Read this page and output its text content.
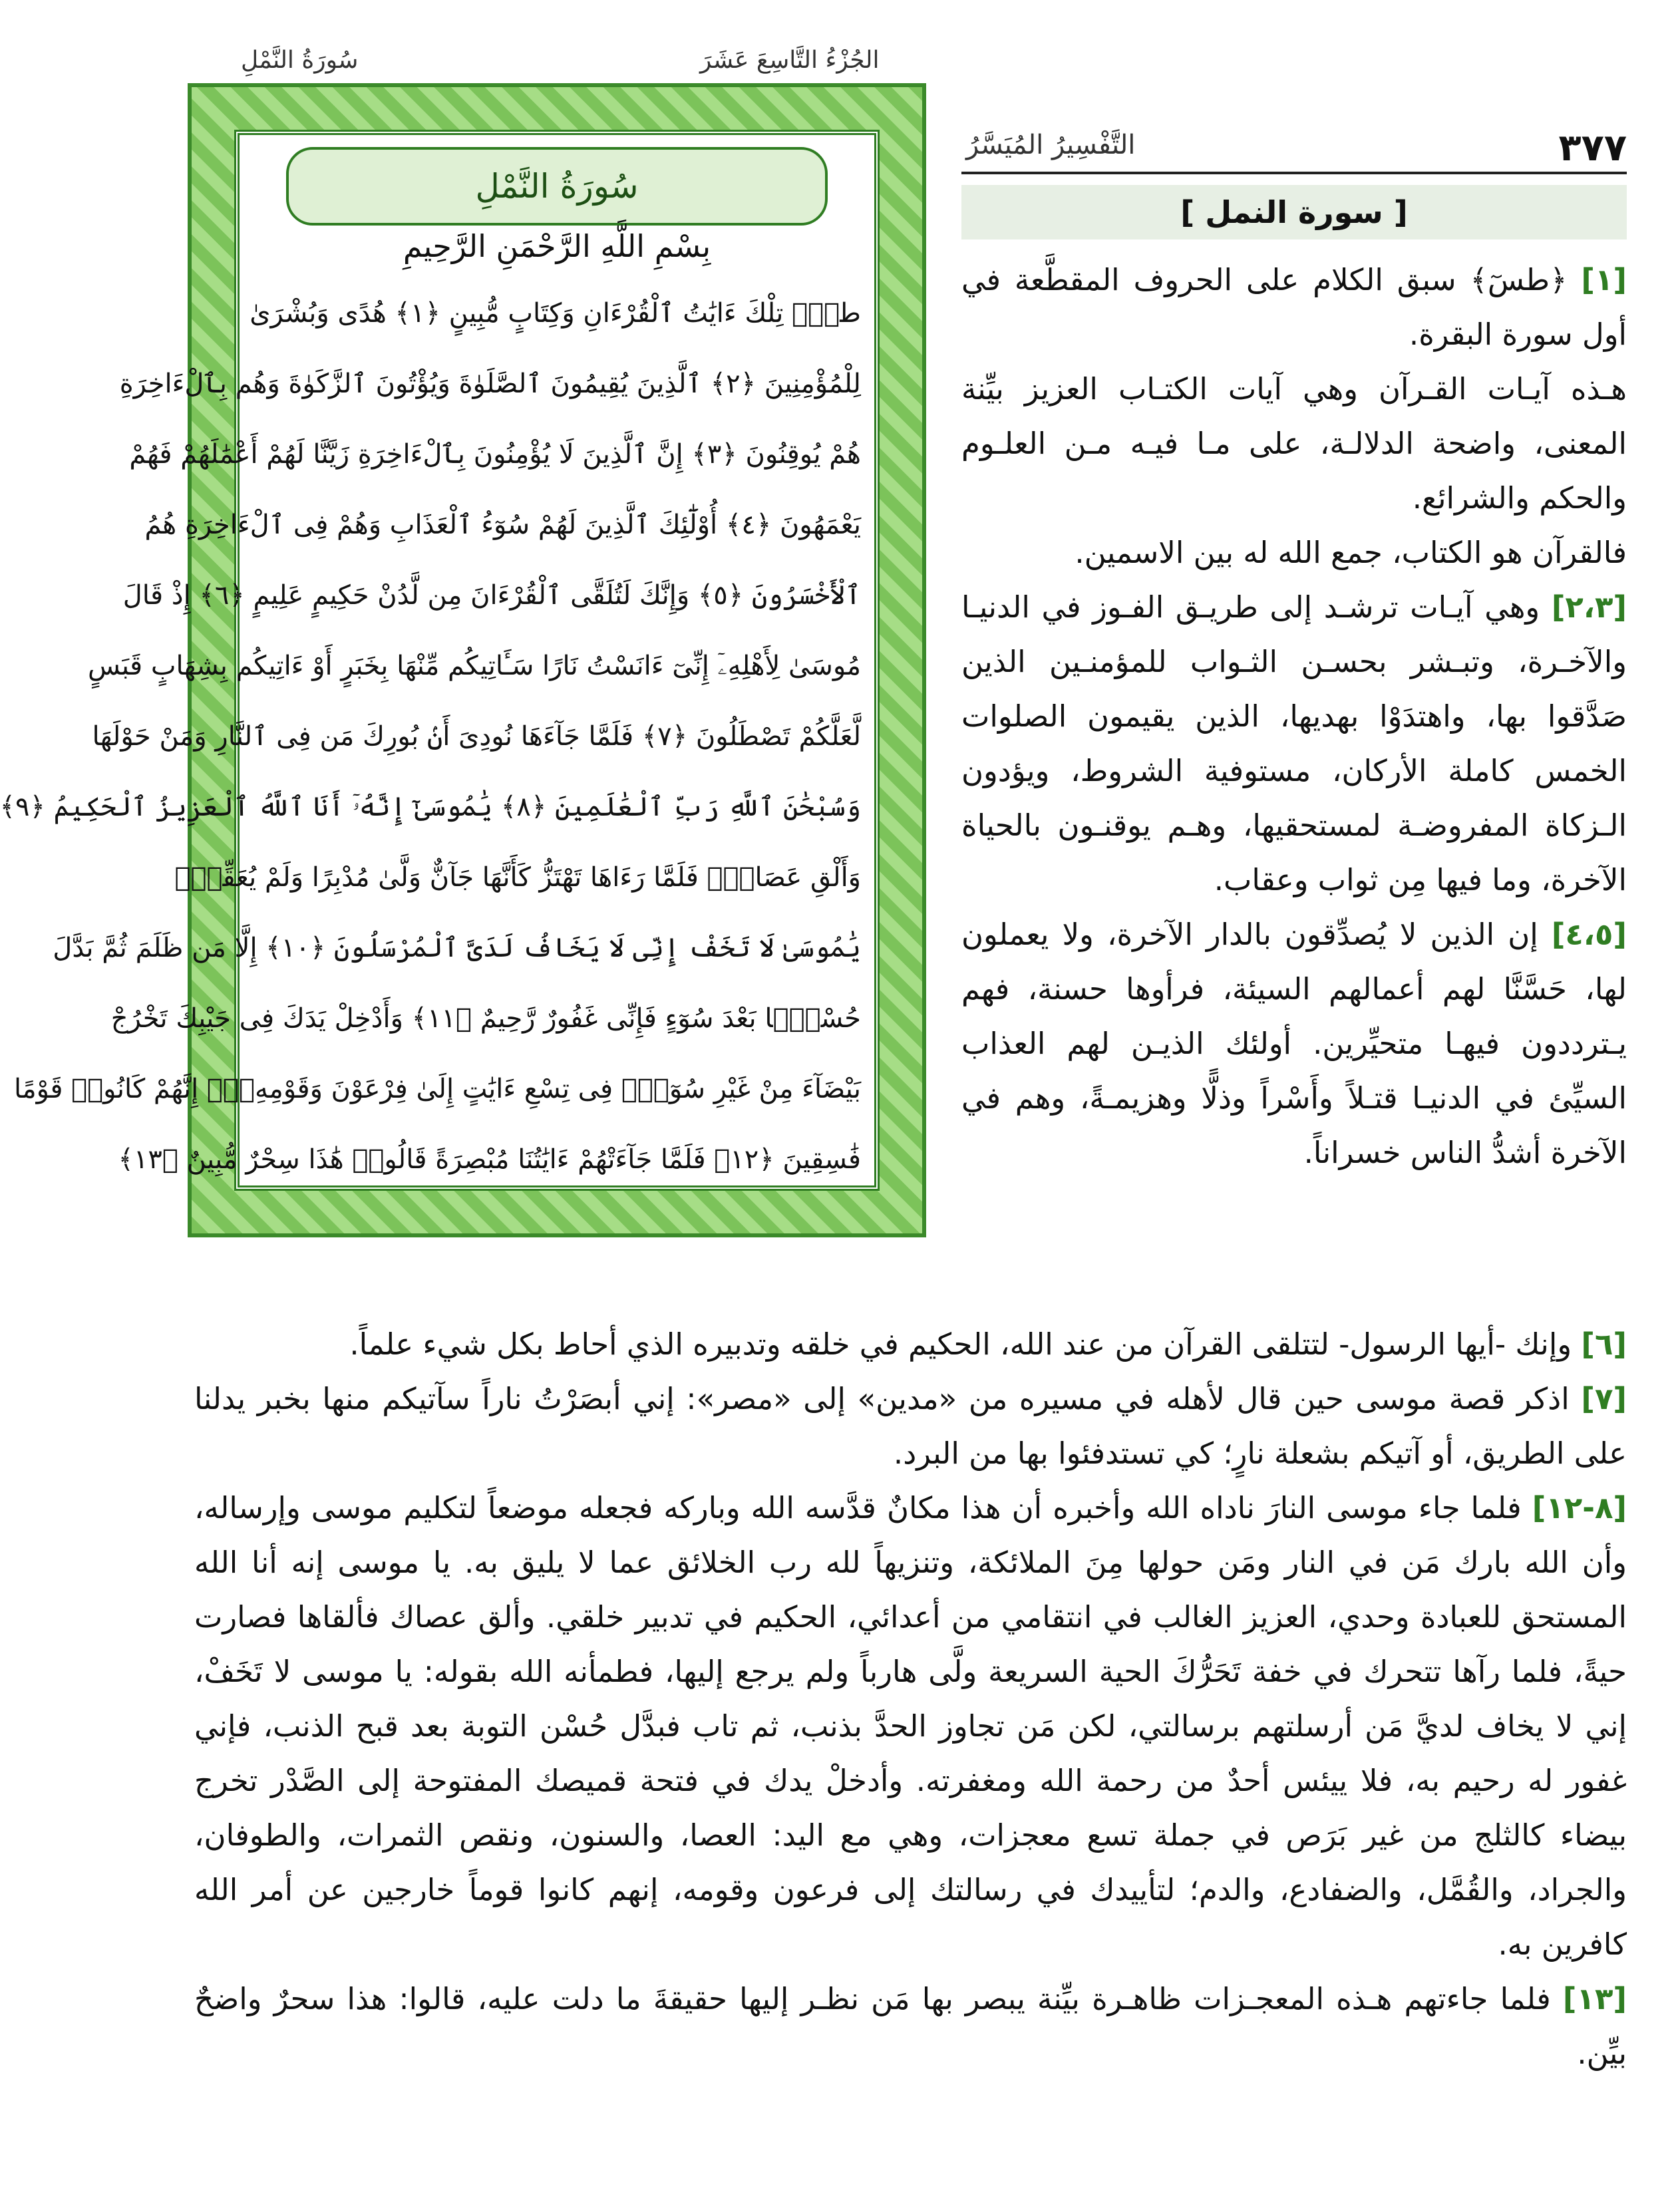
سُورَةُ النَّمْلِ	الجُزْءُ التَّاسِعَ عَشَرَ
٣٧٧
التَّفْسِيرُ المُيَسَّرُ
[ سورة النمل ]
سُورَةُ النَّمْلِ
بِسْمِ اللَّهِ الرَّحْمَنِ الرَّحِيمِ
طسٓۚ تِلْكَ ءَايَٰتُ ٱلْقُرْءَانِ وَكِتَابٍ مُّبِينٍ ﴿١﴾ هُدًى وَبُشْرَىٰ
لِلْمُؤْمِنِينَ ﴿٢﴾ ٱلَّذِينَ يُقِيمُونَ ٱلصَّلَوٰةَ وَيُؤْتُونَ ٱلزَّكَوٰةَ وَهُم بِٱلْءَاخِرَةِ
هُمْ يُوقِنُونَ ﴿٣﴾ إِنَّ ٱلَّذِينَ لَا يُؤْمِنُونَ بِٱلْءَاخِرَةِ زَيَّنَّا لَهُمْ أَعْمَٰلَهُمْ فَهُمْ
يَعْمَهُونَ ﴿٤﴾ أُوْلَٰٓئِكَ ٱلَّذِينَ لَهُمْ سُوٓءُ ٱلْعَذَابِ وَهُمْ فِى ٱلْءَاخِرَةِ هُمُ
ٱلْأَخْسَرُونَ ﴿٥﴾ وَإِنَّكَ لَتُلَقَّى ٱلْقُرْءَانَ مِن لَّدُنْ حَكِيمٍ عَلِيمٍ ﴿٦﴾ إِذْ قَالَ
مُوسَىٰ لِأَهْلِهِۦٓ إِنِّىٓ ءَانَسْتُ نَارًا سَـَٔاتِيكُم مِّنْهَا بِخَبَرٍ أَوْ ءَاتِيكُم بِشِهَابٍ قَبَسٍ
لَّعَلَّكُمْ تَصْطَلُونَ ﴿٧﴾ فَلَمَّا جَآءَهَا نُودِىَ أَنۢ بُورِكَ مَن فِى ٱلنَّارِ وَمَنْ حَوْلَهَا
وَسُبْحَٰنَ ٱللَّهِ رَبِّ ٱلْعَٰلَمِينَ ﴿٨﴾ يَٰمُوسَىٰٓ إِنَّهُۥٓ أَنَا ٱللَّهُ ٱلْعَزِيزُ ٱلْحَكِيمُ ﴿٩﴾
وَأَلْقِ عَصَاكَۚ فَلَمَّا رَءَاهَا تَهْتَزُّ كَأَنَّهَا جَآنٌّ وَلَّىٰ مُدْبِرًا وَلَمْ يُعَقِّبْۚ
يَٰمُوسَىٰ لَا تَخَفْ إِنِّى لَا يَخَافُ لَدَىَّ ٱلْمُرْسَلُونَ ﴿١٠﴾ إِلَّا مَن ظَلَمَ ثُمَّ بَدَّلَ
حُسْنًۢا بَعْدَ سُوٓءٍ فَإِنِّى غَفُورٌ رَّحِيمٌ ﴿١١﴾ وَأَدْخِلْ يَدَكَ فِى جَيْبِكَ تَخْرُجْ
بَيْضَآءَ مِنْ غَيْرِ سُوٓءٍۖ فِى تِسْعِ ءَايَٰتٍ إِلَىٰ فِرْعَوْنَ وَقَوْمِهِۦٓۚ إِنَّهُمْ كَانُوا۟ قَوْمًا
فَٰسِقِينَ ﴿١٢﴾ فَلَمَّا جَآءَتْهُمْ ءَايَٰتُنَا مُبْصِرَةً قَالُوا۟ هَٰذَا سِحْرٌ مُّبِينٌ ﴿١٣﴾

[١] ﴿طسٓ﴾ سبق الكلام على الحروف المقطَّعة في أول سورة البقرة.

هـذه آيـات القـرآن وهي آيات الكتـاب العزيز بيِّنة المعنى، واضحة الدلالـة، على مـا فيـه مـن العلـوم والحكم والشرائع.

فالقرآن هو الكتاب، جمع الله له بين الاسمين.

[٢،٣] وهي آيـات ترشـد إلى طريـق الفـوز في الدنيـا والآخـرة، وتبـشر بحسـن الثـواب للمؤمنـين الذين صَدَّقوا بها، واهتدَوْا بهديها، الذين يقيمون الصلوات الخمس كاملة الأركان، مستوفية الشروط، ويؤدون الـزكاة المفروضـة لمستحقيها، وهـم يوقنـون بالحياة الآخرة، وما فيها مِن ثواب وعقاب.

[٤،٥] إن الذين لا يُصدِّقون بالدار الآخرة، ولا يعملون لها، حَسَّنَّا لهم أعمالهم السيئة، فرأوها حسنة، فهم يـترددون فيهـا متحيِّرين. أولئك الذيـن لهم العذاب السيِّئ في الدنيـا قتـلاً وأَسْراً وذلًّا وهزيمـةً، وهم في الآخرة أشدُّ الناس خسراناً.

[٦] وإنك -أيها الرسول- لتتلقى القرآن من عند الله، الحكيم في خلقه وتدبيره الذي أحاط بكل شيء علماً.

[٧] اذكر قصة موسى حين قال لأهله في مسيره من «مدين» إلى «مصر»: إني أبصَرْتُ ناراً سآتيكم منها بخبر يدلنا على الطريق، أو آتيكم بشعلة نارٍ؛ كي تستدفئوا بها من البرد.

[٨-١٢] فلما جاء موسى النارَ ناداه الله وأخبره أن هذا مكانٌ قدَّسه الله وباركه فجعله موضعاً لتكليم موسى وإرساله، وأن الله بارك مَن في النار ومَن حولها مِنَ الملائكة، وتنزيهاً لله رب الخلائق عما لا يليق به. يا موسى إنه أنا الله المستحق للعبادة وحدي، العزيز الغالب في انتقامي من أعدائي، الحكيم في تدبير خلقي. وألق عصاك فألقاها فصارت حيةً، فلما رآها تتحرك في خفة تَحَرُّكَ الحية السريعة ولَّى هارباً ولم يرجع إليها، فطمأنه الله بقوله: يا موسى لا تَخَفْ، إني لا يخاف لديَّ مَن أرسلتهم برسالتي، لكن مَن تجاوز الحدَّ بذنب، ثم تاب فبدَّل حُسْن التوبة بعد قبح الذنب، فإني غفور له رحيم به، فلا ييئس أحدٌ من رحمة الله ومغفرته. وأدخلْ يدك في فتحة قميصك المفتوحة إلى الصَّدْر تخرج بيضاء كالثلج من غير بَرَص في جملة تسع معجزات، وهي مع اليد: العصا، والسنون، ونقص الثمرات، والطوفان، والجراد، والقُمَّل، والضفادع، والدم؛ لتأييدك في رسالتك إلى فرعون وقومه، إنهم كانوا قوماً خارجين عن أمر الله كافرين به.

[١٣] فلما جاءتهم هـذه المعجـزات ظاهـرة بيِّنة يبصر بها مَن نظـر إليها حقيقةَ ما دلت عليه، قالوا: هذا سحرٌ واضحٌ بيِّن.
